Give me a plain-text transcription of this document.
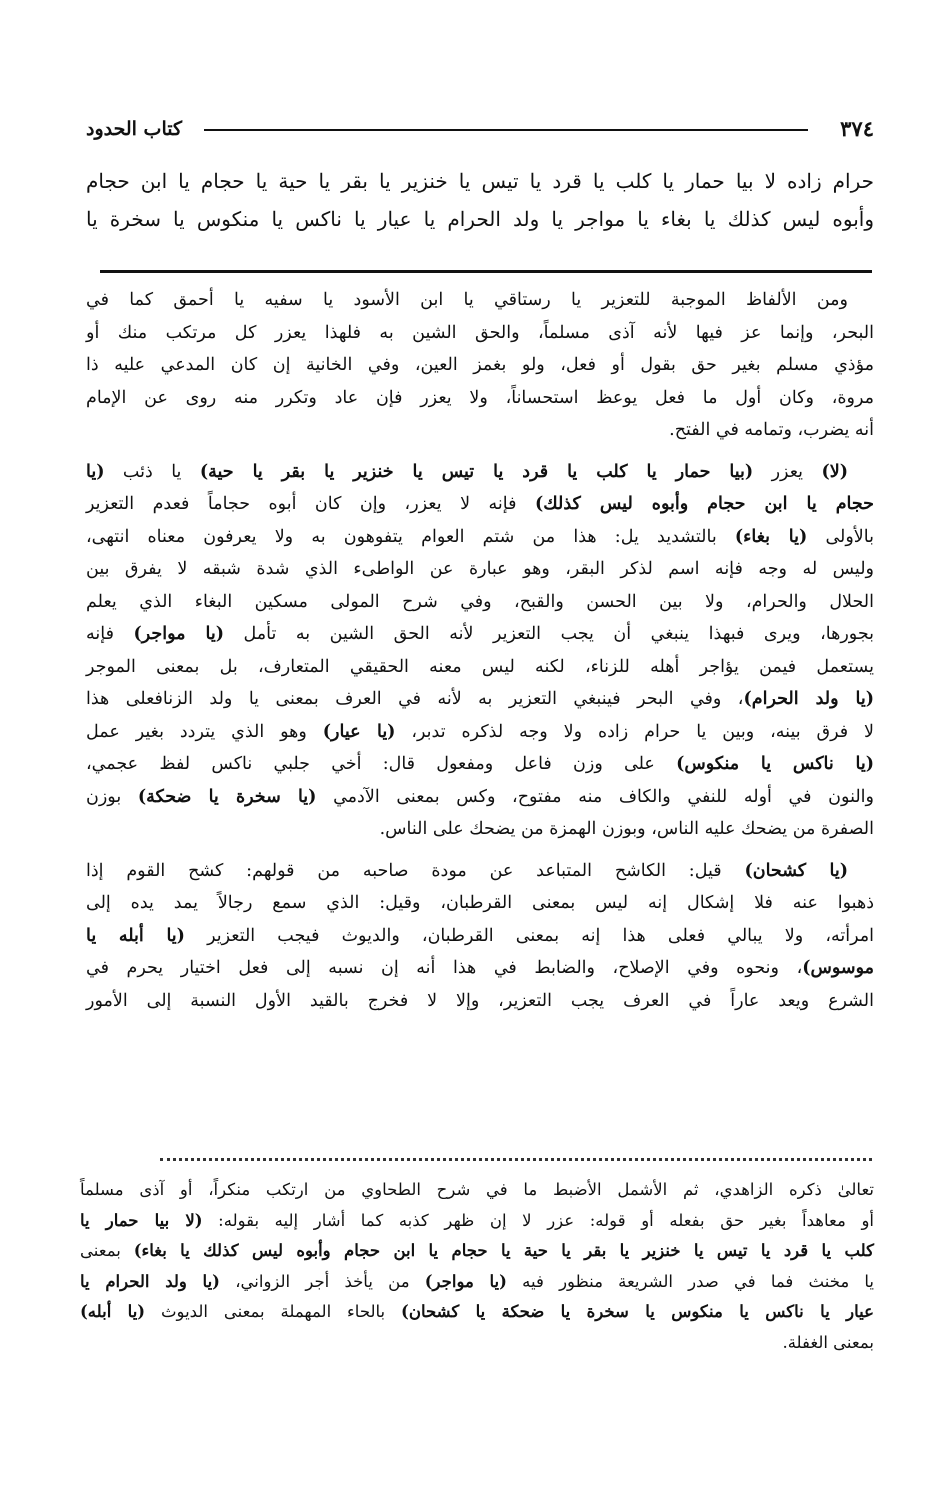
٣٧٤
كتاب الحدود
حرام زاده لا بيا حمار يا كلب يا قرد يا تيس يا خنزير يا بقر يا حية يا حجام يا ابن حجام
وأبوه ليس كذلك يا بغاء يا مواجر يا ولد الحرام يا عيار يا ناكس يا منكوس يا سخرة يا
ومن الألفاظ الموجبة للتعزير يا رستاقي يا ابن الأسود يا سفيه يا أحمق كما في
البحر، وإنما عز فيها لأنه آذى مسلماً، والحق الشين به فلهذا يعزر كل مرتكب منك أو
مؤذي مسلم بغير حق بقول أو فعل، ولو بغمز العين، وفي الخانية إن كان المدعي عليه ذا
مروة، وكان أول ما فعل يوعظ استحساناً، ولا يعزر فإن عاد وتكرر منه روى عن الإمام
أنه يضرب، وتمامه في الفتح.
(لا) يعزر (بيا حمار يا كلب يا قرد يا تيس يا خنزير يا بقر يا حية) يا ذئب (يا
حجام يا ابن حجام وأبوه ليس كذلك) فإنه لا يعزر، وإن كان أبوه حجاماً فعدم التعزير
بالأولى (يا بغاء) بالتشديد يل: هذا من شتم العوام يتفوهون به ولا يعرفون معناه انتهى،
وليس له وجه فإنه اسم لذكر البقر، وهو عبارة عن الواطىء الذي شدة شبقه لا يفرق بين
الحلال والحرام، ولا بين الحسن والقبح، وفي شرح المولى مسكين البغاء الذي يعلم
بجورها، ويرى فبهذا ينبغي أن يجب التعزير لأنه الحق الشين به تأمل (يا مواجر) فإنه
يستعمل فيمن يؤاجر أهله للزناء، لكنه ليس معنه الحقيقي المتعارف، بل بمعنى الموجر
(يا ولد الحرام)، وفي البحر فينبغي التعزير به لأنه في العرف بمعنى يا ولد الزنافعلى هذا
لا فرق بينه، وبين يا حرام زاده ولا وجه لذكره تدبر، (يا عيار) وهو الذي يتردد بغير عمل
(يا ناكس يا منكوس) على وزن فاعل ومفعول قال: أخي جلبي ناكس لفظ عجمي،
والنون في أوله للنفي والكاف منه مفتوح، وكس بمعنى الآدمي (يا سخرة يا ضحكة) بوزن
الصفرة من يضحك عليه الناس، وبوزن الهمزة من يضحك على الناس.
(يا كشحان) قيل: الكاشح المتباعد عن مودة صاحبه من قولهم: كشح القوم إذا
ذهبوا عنه فلا إشكال إنه ليس بمعنى القرطبان، وقيل: الذي سمع رجالاً يمد يده إلى
امرأته، ولا يبالي فعلى هذا إنه بمعنى القرطبان، والديوث فيجب التعزير (يا أبله يا
موسوس)، ونحوه وفي الإصلاح، والضابط في هذا أنه إن نسبه إلى فعل اختيار يحرم في
الشرع ويعد عاراً في العرف يجب التعزير، وإلا لا فخرج بالقيد الأول النسبة إلى الأمور
تعالىٰ ذكره الزاهدي، ثم الأشمل الأضبط ما في شرح الطحاوي من ارتكب منكراً، أو آذى مسلماً
أو معاهداً بغير حق بفعله أو قوله: عزر لا إن ظهر كذبه كما أشار إليه بقوله: (لا بيا حمار يا
كلب يا قرد يا تيس يا خنزير يا بقر يا حية يا حجام يا ابن حجام وأبوه ليس كذلك يا بغاء) بمعنى
يا مخنث فما في صدر الشريعة منظور فيه (يا مواجر) من يأخذ أجر الزواني، (يا ولد الحرام يا
عيار يا ناكس يا منكوس يا سخرة يا ضحكة يا كشحان) بالحاء المهملة بمعنى الديوث (يا أبله)
بمعنى الغفلة.
